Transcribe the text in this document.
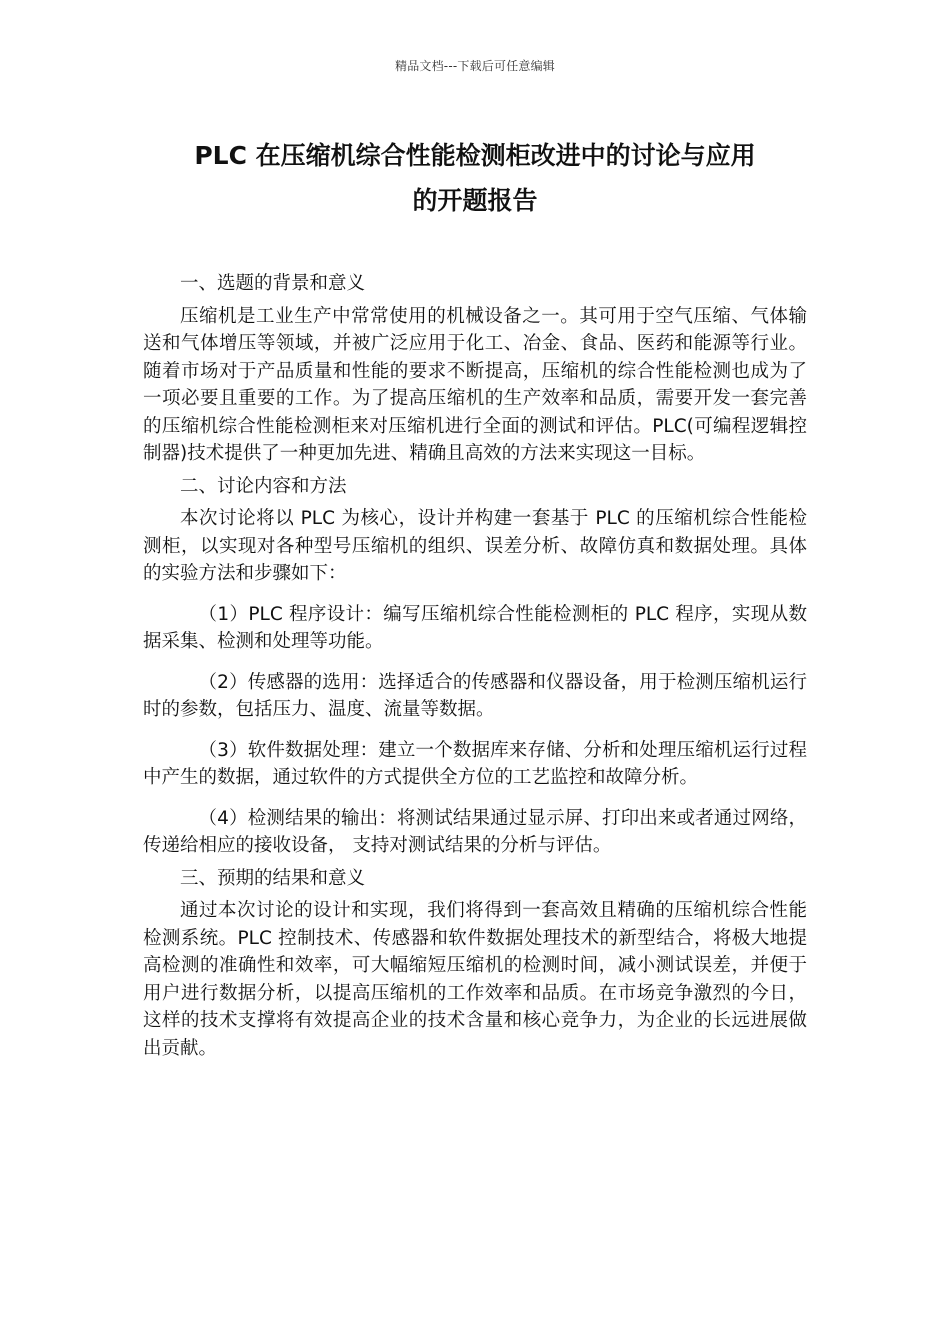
精品文档---下载后可任意编辑
PLC 在压缩机综合性能检测柜改进中的讨论与应用
的开题报告

一、选题的背景和意义

压缩机是工业生产中常常使用的机械设备之一。其可用于空气压缩、气体输送和气体增压等领域，并被广泛应用于化工、冶金、食品、医药和能源等行业。随着市场对于产品质量和性能的要求不断提高，压缩机的综合性能检测也成为了一项必要且重要的工作。为了提高压缩机的生产效率和品质，需要开发一套完善的压缩机综合性能检测柜来对压缩机进行全面的测试和评估。PLC(可编程逻辑控制器)技术提供了一种更加先进、精确且高效的方法来实现这一目标。

二、讨论内容和方法

本次讨论将以 PLC 为核心，设计并构建一套基于 PLC 的压缩机综合性能检测柜，以实现对各种型号压缩机的组织、误差分析、故障仿真和数据处理。具体的实验方法和步骤如下：

（1）PLC 程序设计：编写压缩机综合性能检测柜的 PLC 程序，实现从数据采集、检测和处理等功能。

（2）传感器的选用：选择适合的传感器和仪器设备，用于检测压缩机运行时的参数，包括压力、温度、流量等数据。

（3）软件数据处理：建立一个数据库来存储、分析和处理压缩机运行过程中产生的数据，通过软件的方式提供全方位的工艺监控和故障分析。

（4）检测结果的输出：将测试结果通过显示屏、打印出来或者通过网络，传递给相应的接收设备， 支持对测试结果的分析与评估。

三、预期的结果和意义

通过本次讨论的设计和实现，我们将得到一套高效且精确的压缩机综合性能检测系统。PLC 控制技术、传感器和软件数据处理技术的新型结合，将极大地提高检测的准确性和效率，可大幅缩短压缩机的检测时间，减小测试误差，并便于用户进行数据分析，以提高压缩机的工作效率和品质。在市场竞争激烈的今日，这样的技术支撑将有效提高企业的技术含量和核心竞争力，为企业的长远进展做出贡献。
